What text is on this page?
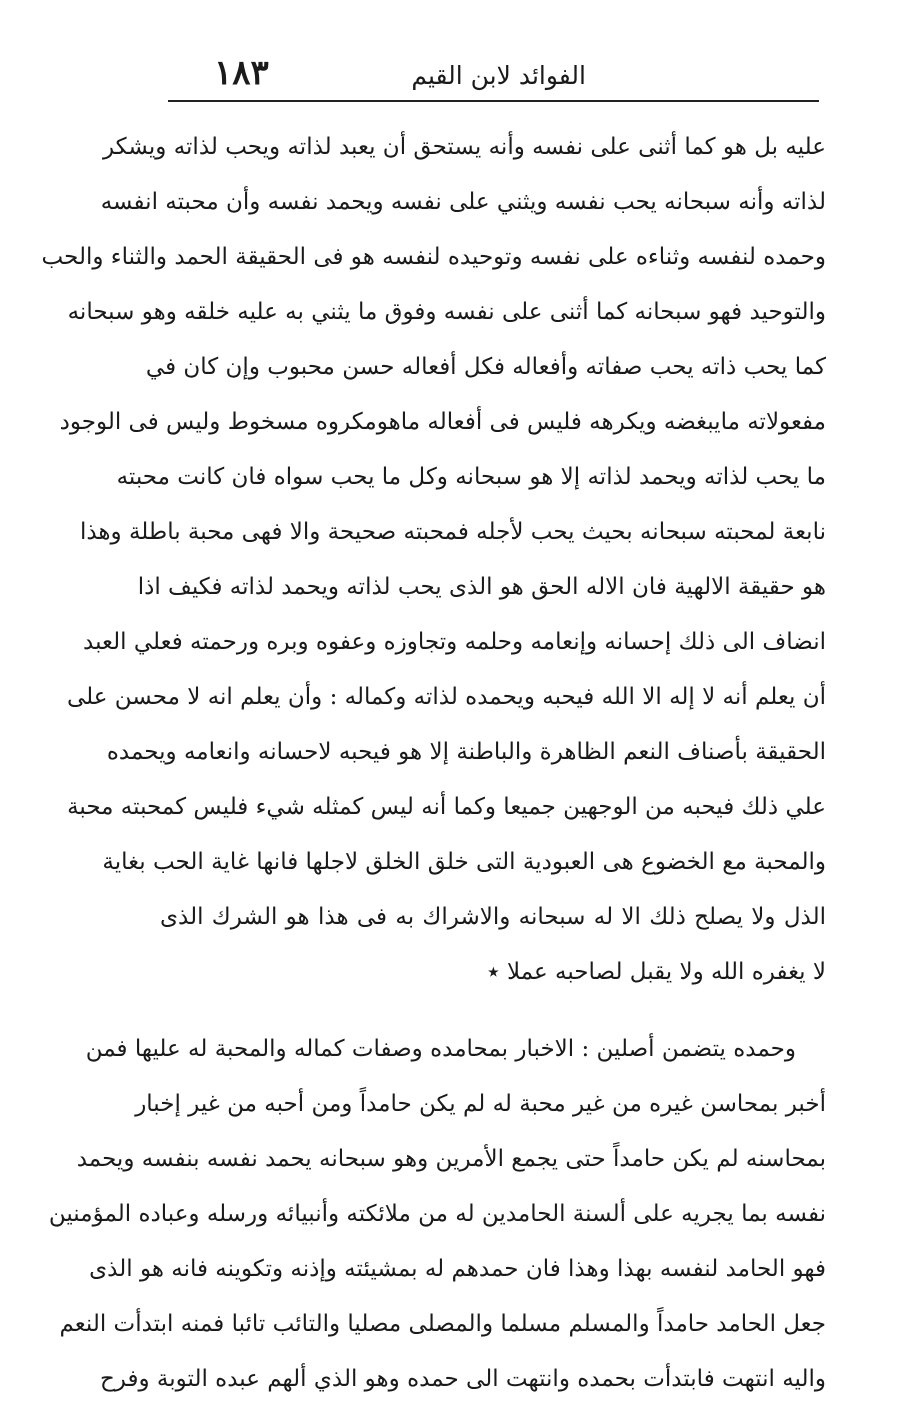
الفوائد لابن القيم
١٨٣
عليه بل هو كما أثنى على نفسه وأنه يستحق أن يعبد لذاته ويحب لذاته ويشكر
لذاته وأنه سبحانه يحب نفسه ويثني على نفسه ويحمد نفسه وأن محبته انفسه
وحمده لنفسه وثناءه على نفسه وتوحيده لنفسه هو فى الحقيقة الحمد والثناء والحب
والتوحيد فهو سبحانه كما أثنى على نفسه وفوق ما يثني به عليه خلقه وهو سبحانه
كما يحب ذاته يحب صفاته وأفعاله فكل أفعاله حسن محبوب وإن كان في
مفعولاته مايبغضه ويكرهه فليس فى أفعاله ماهومكروه مسخوط وليس فى الوجود
ما يحب لذاته ويحمد لذاته إلا هو سبحانه وكل ما يحب سواه فان كانت محبته
نابعة لمحبته سبحانه بحيث يحب لأجله فمحبته صحيحة والا فهى محبة باطلة وهذا
هو حقيقة الالهية فان الاله الحق هو الذى يحب لذاته ويحمد لذاته فكيف اذا
انضاف الى ذلك إحسانه وإنعامه وحلمه وتجاوزه وعفوه وبره ورحمته فعلي العبد
أن يعلم أنه لا إله الا الله فيحبه ويحمده لذاته وكماله : وأن يعلم انه لا محسن على
الحقيقة بأصناف النعم الظاهرة والباطنة إلا هو فيحبه لاحسانه وانعامه ويحمده
علي ذلك فيحبه من الوجهين جميعا وكما أنه ليس كمثله شيء فليس كمحبته محبة
والمحبة مع الخضوع هى العبودية التى خلق الخلق لاجلها فانها غاية الحب بغاية
الذل ولا يصلح ذلك الا له سبحانه والاشراك به فى هذا هو الشرك الذى
لا يغفره الله ولا يقبل لصاحبه عملا ٭
وحمده يتضمن أصلين : الاخبار بمحامده وصفات كماله والمحبة له عليها فمن
أخبر بمحاسن غيره من غير محبة له لم يكن حامداً ومن أحبه من غير إخبار
بمحاسنه لم يكن حامداً حتى يجمع الأمرين وهو سبحانه يحمد نفسه بنفسه ويحمد
نفسه بما يجريه على ألسنة الحامدين له من ملائكته وأنبيائه ورسله وعباده المؤمنين
فهو الحامد لنفسه بهذا وهذا فان حمدهم له بمشيئته وإذنه وتكوينه فانه هو الذى
جعل الحامد حامداً والمسلم مسلما والمصلى مصليا والتائب تائبا فمنه ابتدأت النعم
واليه انتهت فابتدأت بحمده وانتهت الى حمده وهو الذي ألهم عبده التوبة وفرح
